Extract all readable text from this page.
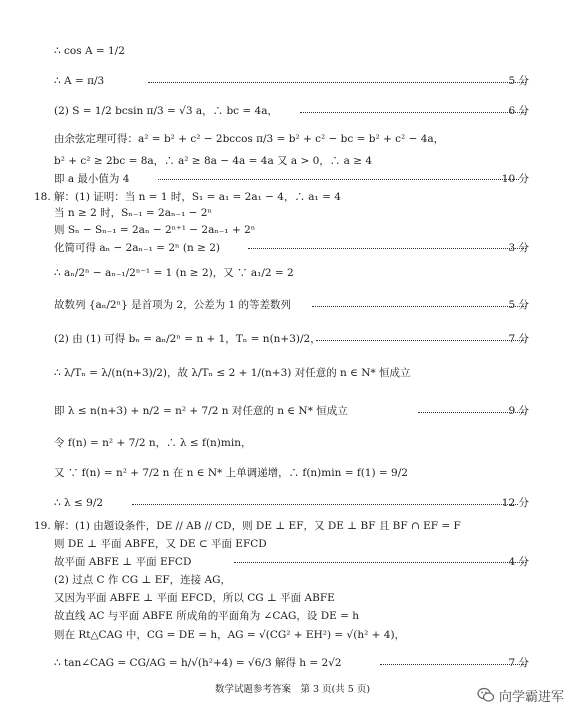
∴ cos A = 1/2
∴ A = π/3	5 分
(2) S = 1/2 bcsin π/3 = √3 a，∴ bc = 4a，	6 分
由余弦定理可得：a² = b² + c² − 2bccos π/3 = b² + c² − bc = b² + c² − 4a，
b² + c² ≥ 2bc = 8a，∴ a² ≥ 8a − 4a = 4a 又 a > 0，∴ a ≥ 4
即 a 最小值为 4	10 分
18. 解：(1) 证明：当 n = 1 时，S₁ = a₁ = 2a₁ − 4，∴ a₁ = 4
当 n ≥ 2 时，Sₙ₋₁ = 2aₙ₋₁ − 2ⁿ
则 Sₙ − Sₙ₋₁ = 2aₙ − 2ⁿ⁺¹ − 2aₙ₋₁ + 2ⁿ
化简可得 aₙ − 2aₙ₋₁ = 2ⁿ (n ≥ 2)	3 分
∴ aₙ/2ⁿ − aₙ₋₁/2ⁿ⁻¹ = 1 (n ≥ 2)，又 ∵ a₁/2 = 2
故数列 {aₙ/2ⁿ} 是首项为 2，公差为 1 的等差数列	5 分
(2) 由 (1) 可得 bₙ = aₙ/2ⁿ = n + 1，Tₙ = n(n+3)/2，	7 分
∴ λ/Tₙ = λ/(n(n+3)/2)，故 λ/Tₙ ≤ 2 + 1/(n+3) 对任意的 n ∈ N* 恒成立
即 λ ≤ n(n+3) + n/2 = n² + 7/2 n 对任意的 n ∈ N* 恒成立	9 分
令 f(n) = n² + 7/2 n，∴ λ ≤ f(n)min，
又 ∵ f(n) = n² + 7/2 n 在 n ∈ N* 上单调递增，∴ f(n)min = f(1) = 9/2
∴ λ ≤ 9/2	12 分
19. 解：(1) 由题设条件，DE // AB // CD，则 DE ⊥ EF，又 DE ⊥ BF 且 BF ∩ EF = F
则 DE ⊥ 平面 ABFE，又 DE ⊂ 平面 EFCD
故平面 ABFE ⊥ 平面 EFCD	4 分
(2) 过点 C 作 CG ⊥ EF，连接 AG，
又因为平面 ABFE ⊥ 平面 EFCD，所以 CG ⊥ 平面 ABFE
故直线 AC 与平面 ABFE 所成角的平面角为 ∠CAG，设 DE = h
则在 Rt△CAG 中，CG = DE = h，AG = √(CG² + EH²) = √(h² + 4)，
∴ tan∠CAG = CG/AG = h/√(h²+4) = √6/3 解得 h = 2√2	7 分
数学试题参考答案　第 3 页(共 5 页)
向学霸进军
